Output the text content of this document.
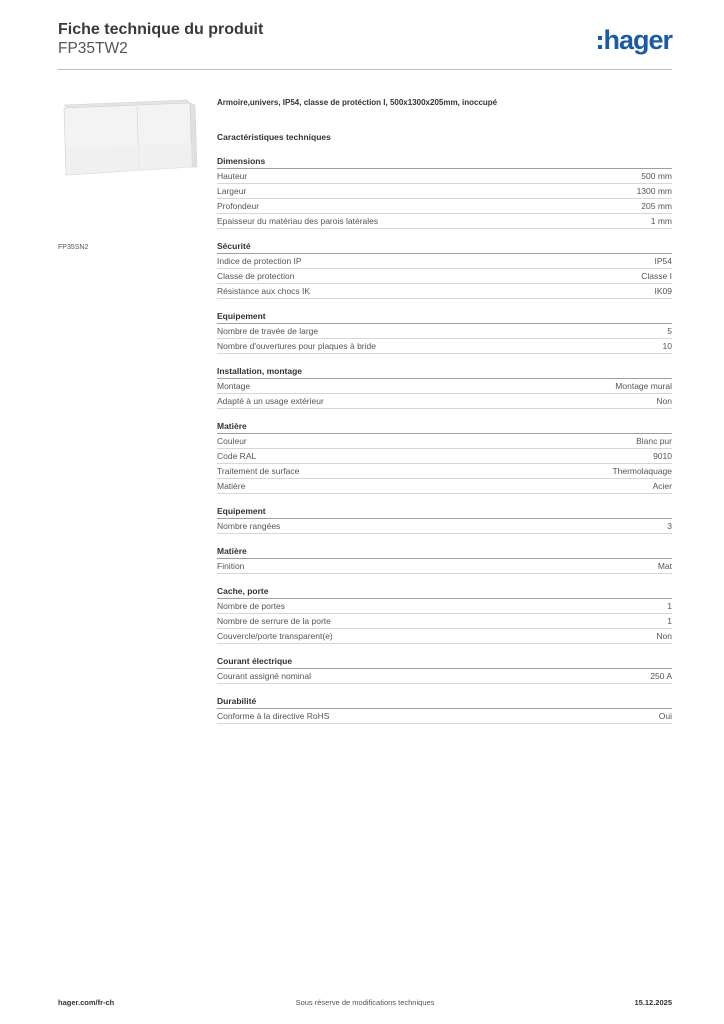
Fiche technique du produit
FP35TW2	hager
FP35SN2
Armoire,univers, IP54, classe de protéction I, 500x1300x205mm, inoccupé
Caractéristiques techniques
Dimensions
Hauteur	500 mm
Largeur	1300 mm
Profondeur	205 mm
Epaisseur du matériau des parois latérales	1 mm
Sécurité
Indice de protection IP	IP54
Classe de protection	Classe I
Résistance aux chocs IK	IK09
Equipement
Nombre de travée de large	5
Nombre d'ouvertures pour plaques à bride	10
Installation, montage
Montage	Montage mural
Adapté à un usage extérieur	Non
Matière
Couleur	Blanc pur
Code RAL	9010
Traitement de surface	Thermolaquage
Matière	Acier
Equipement
Nombre rangées	3
Matière
Finition	Mat
Cache, porte
Nombre de portes	1
Nombre de serrure de la porte	1
Couvercle/porte transparent(e)	Non
Courant électrique
Courant assigné nominal	250 A
Durabilité
Conforme à la directive RoHS	Oui
hager.com/fr-ch	Sous réserve de modifications techniques	15.12.2025
